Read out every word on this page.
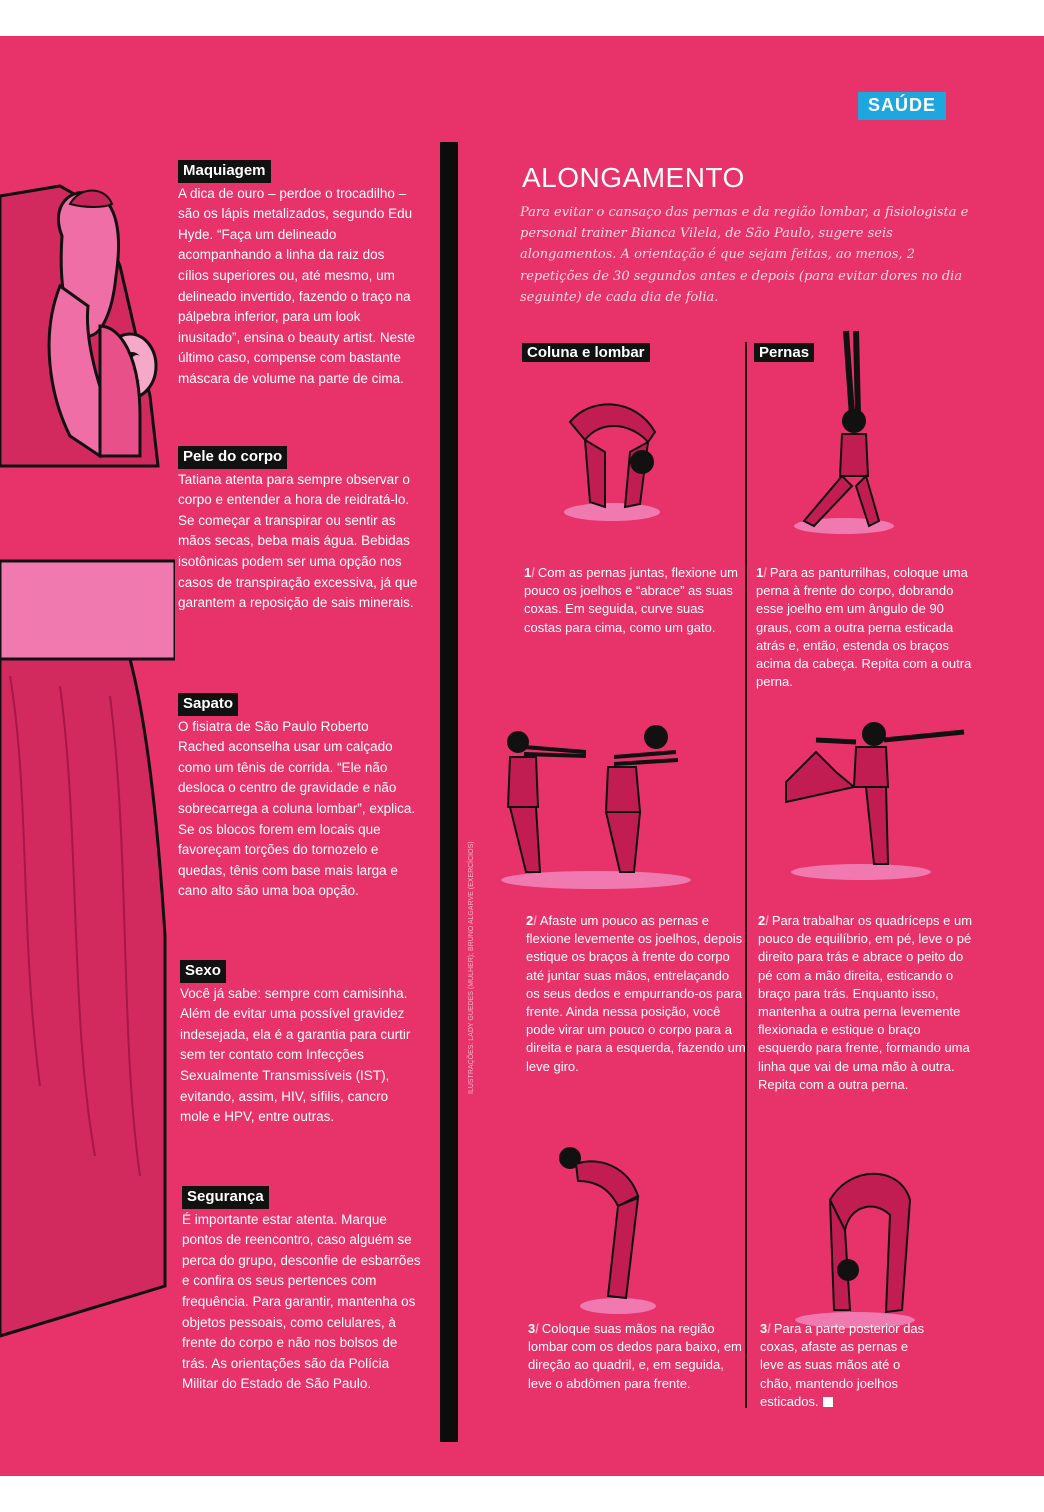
SAÚDE
Maquiagem
A dica de ouro – perdoe o trocadilho – são os lápis metalizados, segundo Edu Hyde. “Faça um delineado acompanhando a linha da raiz dos cílios superiores ou, até mesmo, um delineado invertido, fazendo o traço na pálpebra inferior, para um look inusitado”, ensina o beauty artist. Neste último caso, compense com bastante máscara de volume na parte de cima.
Pele do corpo
Tatiana atenta para sempre observar o corpo e entender a hora de reidratá-lo. Se começar a transpirar ou sentir as mãos secas, beba mais água. Bebidas isotônicas podem ser uma opção nos casos de transpiração excessiva, já que garantem a reposição de sais minerais.
Sapato
O fisiatra de São Paulo Roberto Rached aconselha usar um calçado como um tênis de corrida. “Ele não desloca o centro de gravidade e não sobrecarrega a coluna lombar”, explica. Se os blocos forem em locais que favoreçam torções do tornozelo e quedas, tênis com base mais larga e cano alto são uma boa opção.
Sexo
Você já sabe: sempre com camisinha. Além de evitar uma possível gravidez indesejada, ela é a garantia para curtir sem ter contato com Infecções Sexualmente Transmissíveis (IST), evitando, assim, HIV, sífilis, cancro mole e HPV, entre outras.
Segurança
É importante estar atenta. Marque pontos de reencontro, caso alguém se perca do grupo, desconfie de esbarrões e confira os seus pertences com frequência. Para garantir, mantenha os objetos pessoais, como celulares, à frente do corpo e não nos bolsos de trás. As orientações são da Polícia Militar do Estado de São Paulo.
ILUSTRAÇÕES: LADY GUEDES (MULHER); BRUNO ALGARVE (EXERCÍCIOS)
ALONGAMENTO
Para evitar o cansaço das pernas e da região lombar, a fisiologista e personal trainer Bianca Vilela, de São Paulo, sugere seis alongamentos. A orientação é que sejam feitas, ao menos, 2 repetições de 30 segundos antes e depois (para evitar dores no dia seguinte) de cada dia de folia.
Coluna e lombar	Pernas
1/ Com as pernas juntas, flexione um pouco os joelhos e “abrace” as suas coxas. Em seguida, curve suas costas para cima, como um gato.
2/ Afaste um pouco as pernas e flexione levemente os joelhos, depois estique os braços à frente do corpo até juntar suas mãos, entrelaçando os seus dedos e empurrando-os para frente. Ainda nessa posição, você pode virar um pouco o corpo para a direita e para a esquerda, fazendo um leve giro.
3/ Coloque suas mãos na região lombar com os dedos para baixo, em direção ao quadril, e, em seguida, leve o abdômen para frente.
1/ Para as panturrilhas, coloque uma perna à frente do corpo, dobrando esse joelho em um ângulo de 90 graus, com a outra perna esticada atrás e, então, estenda os braços acima da cabeça. Repita com a outra perna.
2/ Para trabalhar os quadríceps e um pouco de equilíbrio, em pé, leve o pé direito para trás e abrace o peito do pé com a mão direita, esticando o braço para trás. Enquanto isso, mantenha a outra perna levemente flexionada e estique o braço esquerdo para frente, formando uma linha que vai de uma mão à outra. Repita com a outra perna.
3/ Para a parte posterior das coxas, afaste as pernas e leve as suas mãos até o chão, mantendo joelhos esticados.
